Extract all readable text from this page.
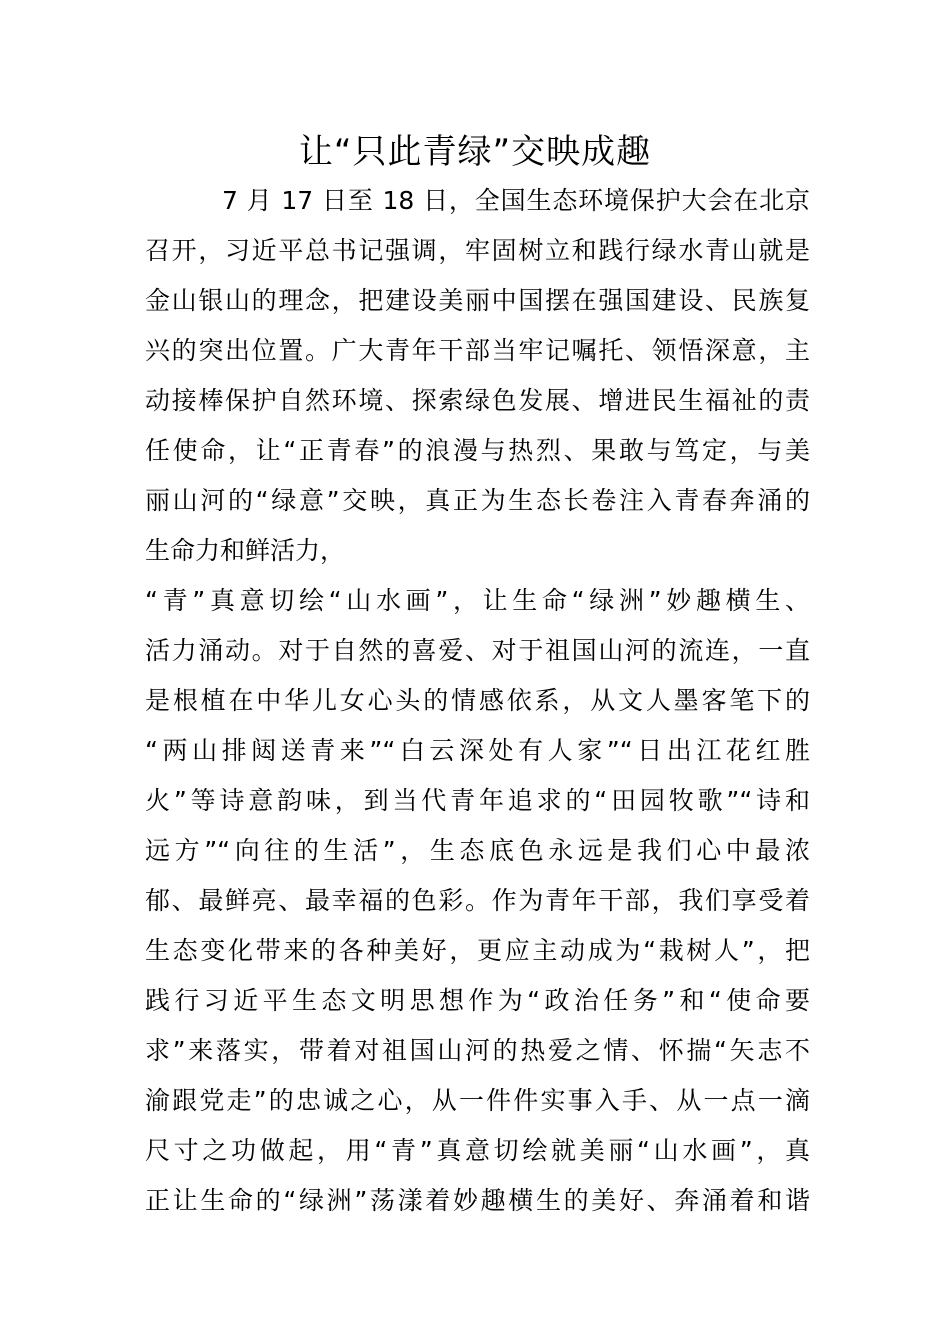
让“只此青绿”交映成趣
7 月 17 日至 18 日，全国生态环境保护大会在北京
召开，习近平总书记强调，牢固树立和践行绿水青山就是
金山银山的理念，把建设美丽中国摆在强国建设、民族复
兴的突出位置。广大青年干部当牢记嘱托、领悟深意，主
动接棒保护自然环境、探索绿色发展、增进民生福祉的责
任使命，让“正青春”的浪漫与热烈、果敢与笃定，与美
丽山河的“绿意”交映，真正为生态长卷注入青春奔涌的
生命力和鲜活力，
“青”真意切绘“山水画”，让生命“绿洲”妙趣横生、
活力涌动。对于自然的喜爱、对于祖国山河的流连，一直
是根植在中华儿女心头的情感依系，从文人墨客笔下的
“两山排闼送青来”“白云深处有人家”“日出江花红胜
火”等诗意韵味，到当代青年追求的“田园牧歌”“诗和
远方”“向往的生活”，生态底色永远是我们心中最浓
郁、最鲜亮、最幸福的色彩。作为青年干部，我们享受着
生态变化带来的各种美好，更应主动成为“栽树人”，把
践行习近平生态文明思想作为“政治任务”和“使命要
求”来落实，带着对祖国山河的热爱之情、怀揣“矢志不
渝跟党走”的忠诚之心，从一件件实事入手、从一点一滴
尺寸之功做起，用“青”真意切绘就美丽“山水画”，真
正让生命的“绿洲”荡漾着妙趣横生的美好、奔涌着和谐
